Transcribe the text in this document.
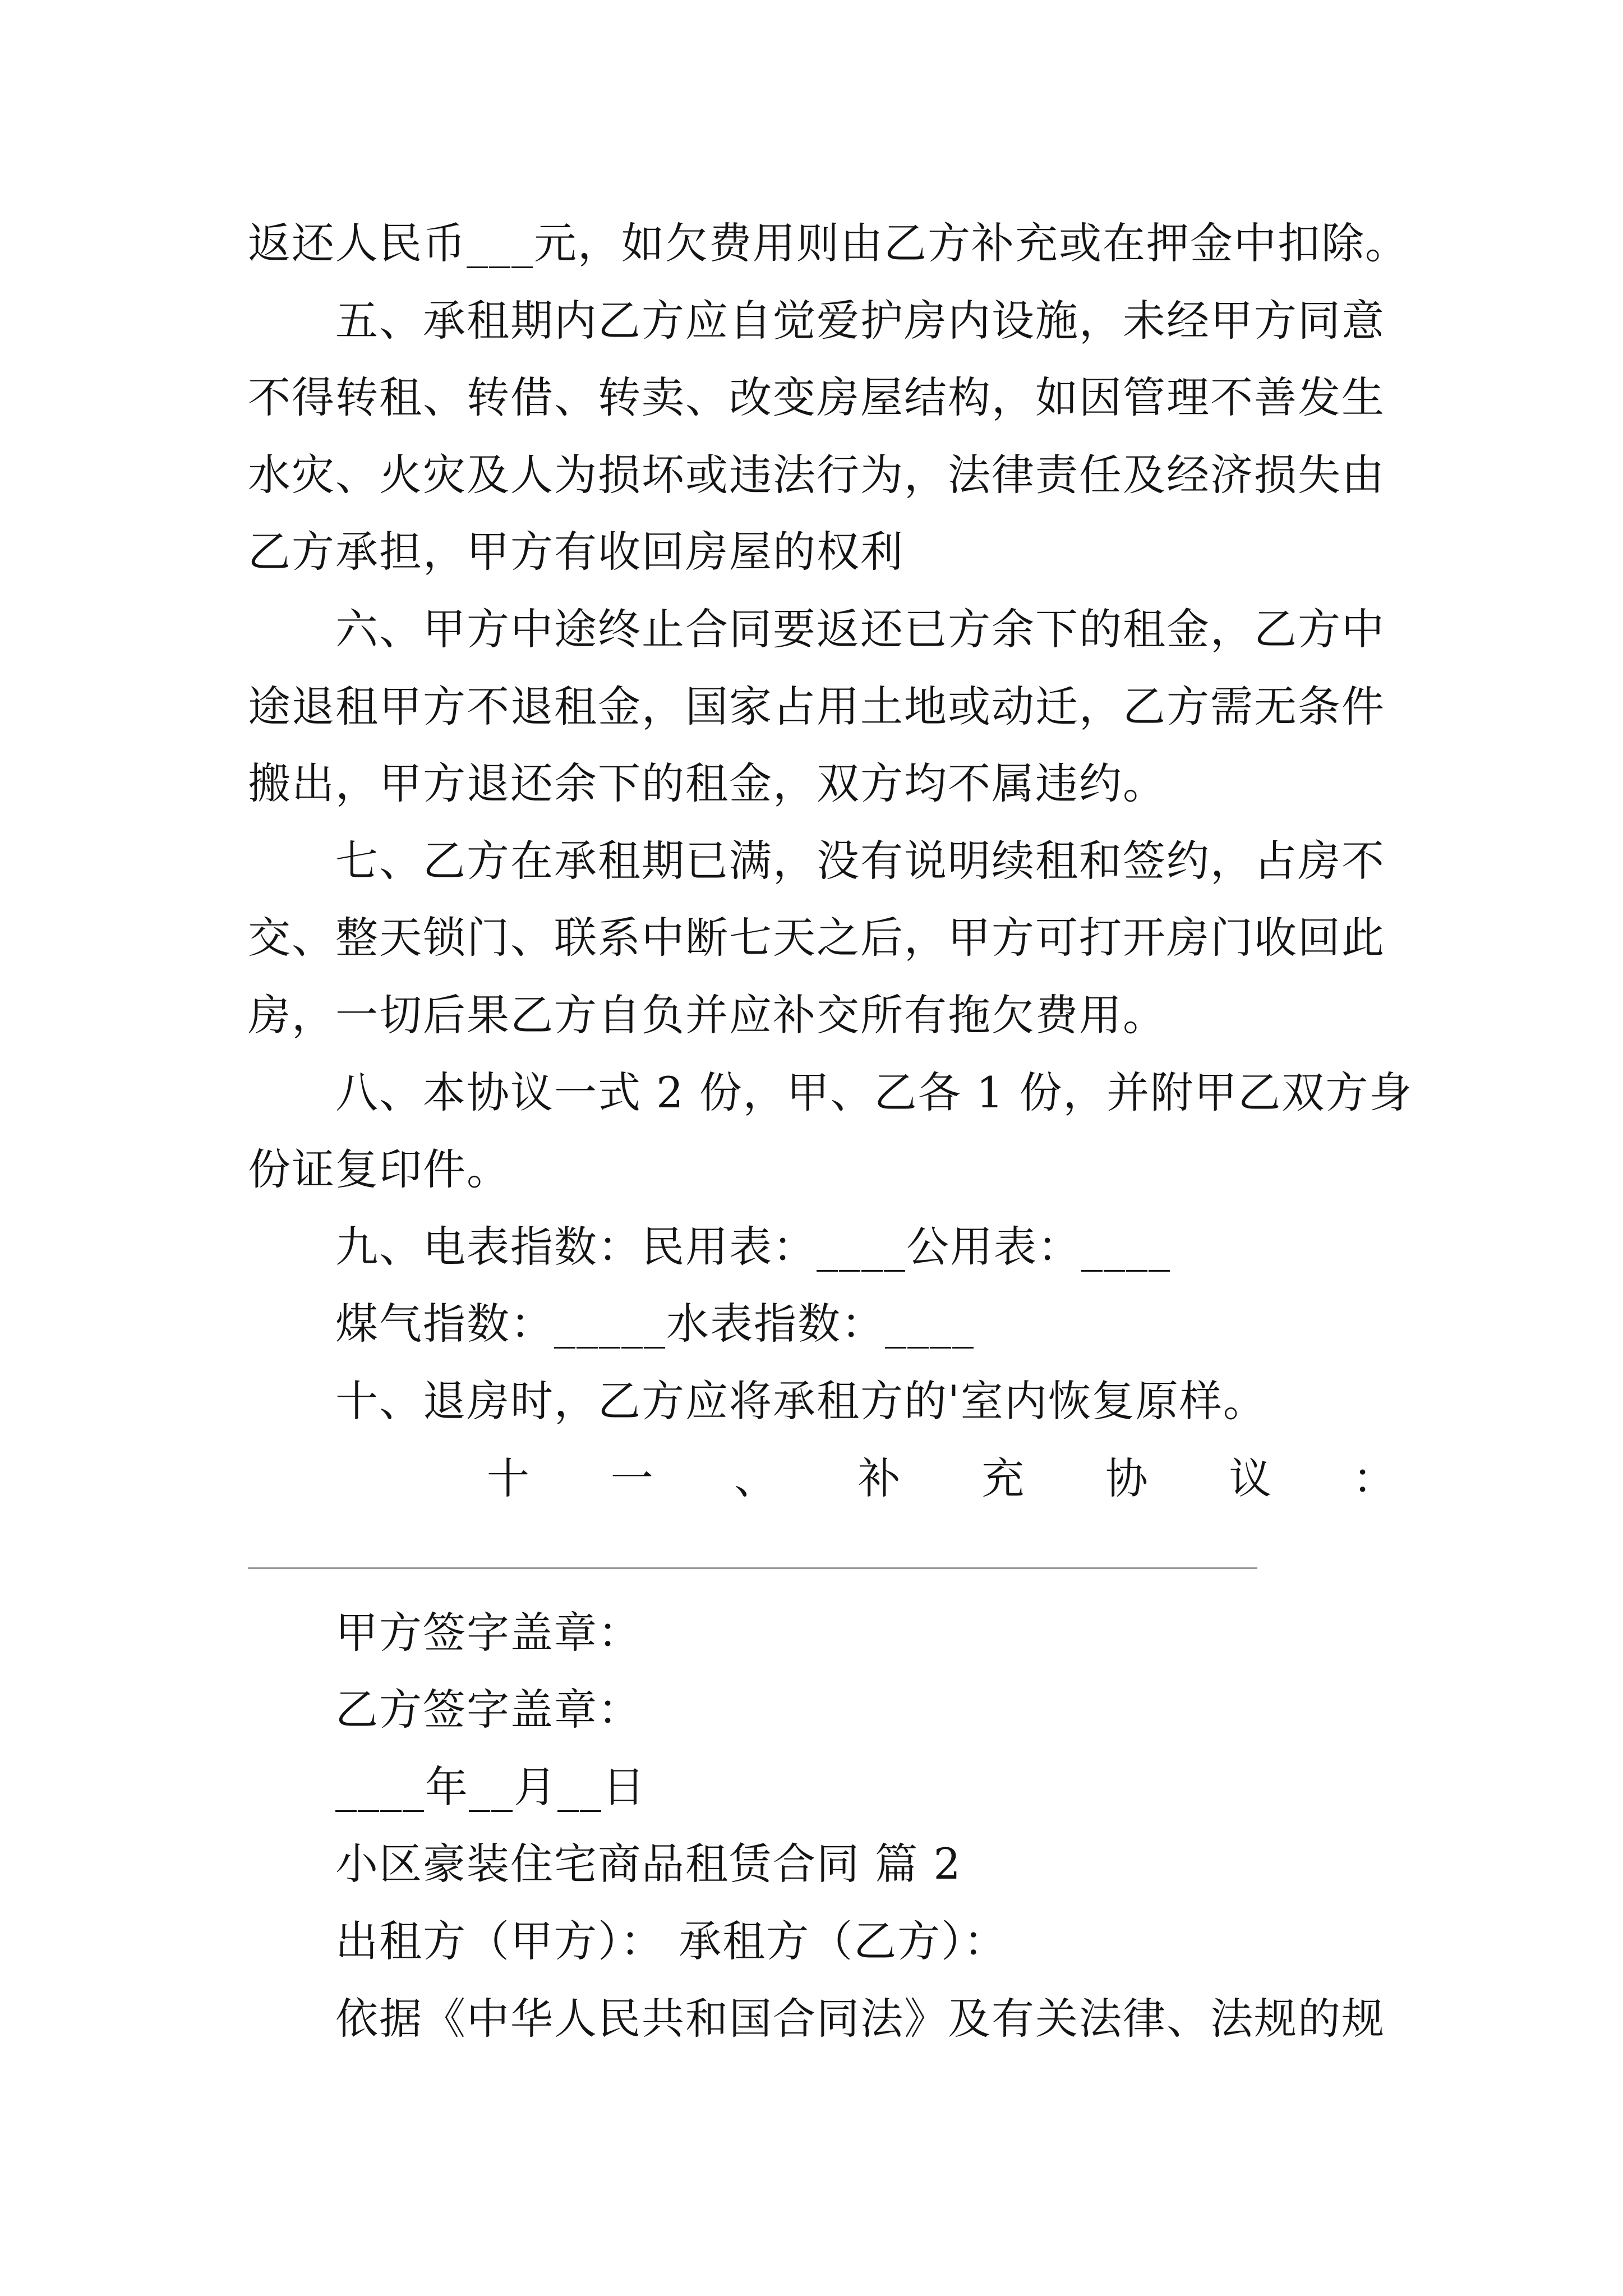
返还人民币___元，如欠费用则由乙方补充或在押金中扣除。
五、承租期内乙方应自觉爱护房内设施，未经甲方同意
不得转租、转借、转卖、改变房屋结构，如因管理不善发生
水灾、火灾及人为损坏或违法行为，法律责任及经济损失由
乙方承担，甲方有收回房屋的权利
六、甲方中途终止合同要返还已方余下的租金，乙方中
途退租甲方不退租金，国家占用土地或动迁，乙方需无条件
搬出，甲方退还余下的租金，双方均不属违约。
七、乙方在承租期已满，没有说明续租和签约，占房不
交、整天锁门、联系中断七天之后，甲方可打开房门收回此
房，一切后果乙方自负并应补交所有拖欠费用。
八、本协议一式 2 份，甲、乙各 1 份，并附甲乙双方身
份证复印件。
九、电表指数：民用表：____公用表：____
煤气指数：_____水表指数：____
十、退房时，乙方应将承租方的'室内恢复原样。
十一、补充协议：
甲方签字盖章：
乙方签字盖章：
____年__月__日
小区豪装住宅商品租赁合同 篇 2
出租方（甲方）： 承租方（乙方）：
依据《中华人民共和国合同法》及有关法律、法规的规
